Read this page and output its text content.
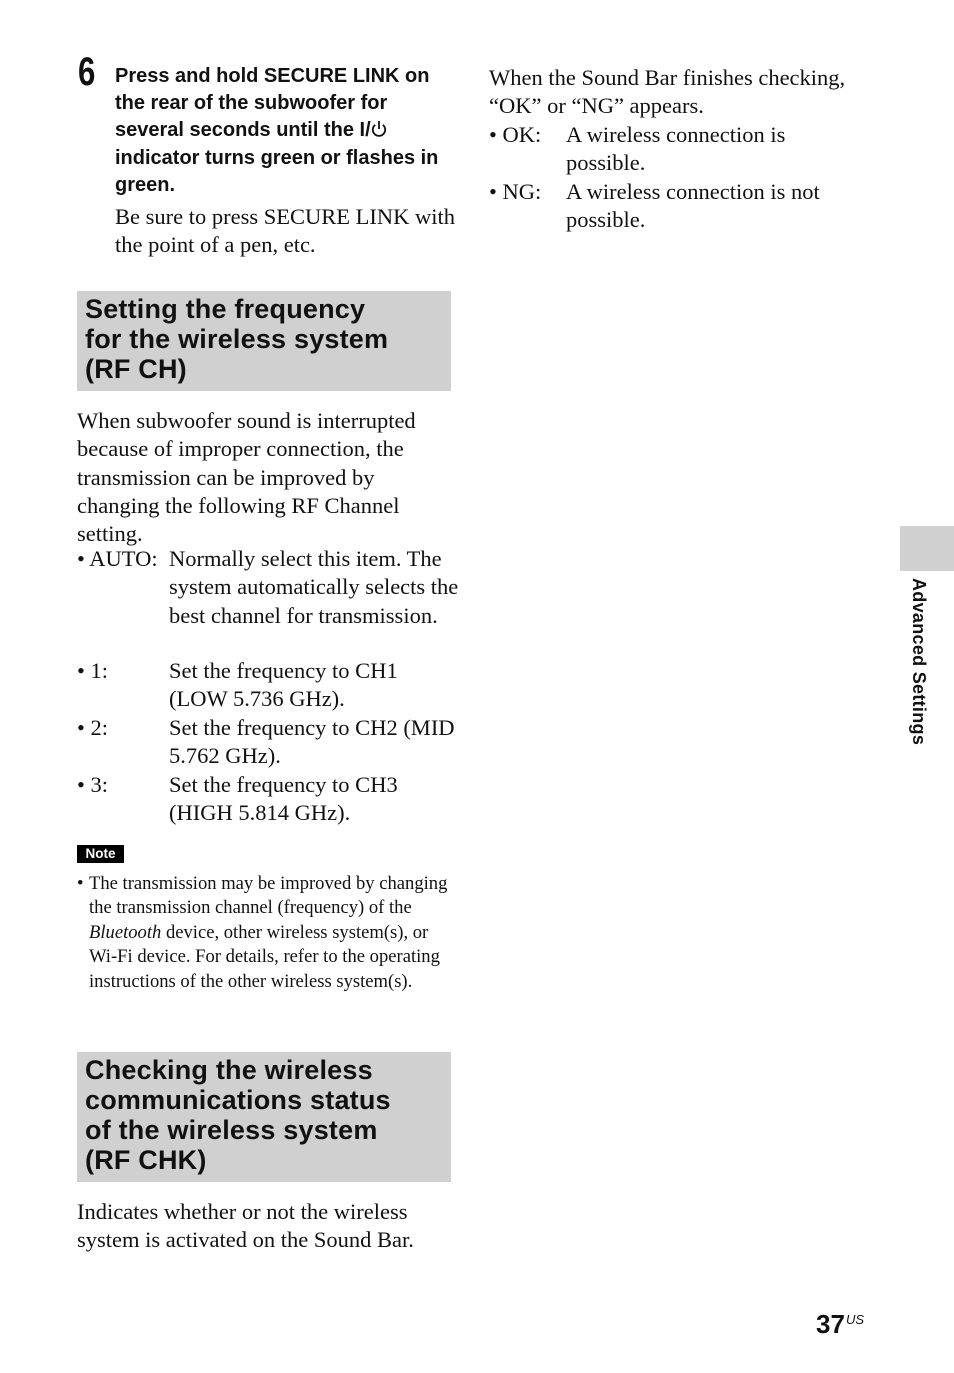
6 Press and hold SECURE LINK on the rear of the subwoofer for several seconds until the I/ indicator turns green or flashes in green.
Be sure to press SECURE LINK with the point of a pen, etc.
Setting the frequency
for the wireless system
(RF CH)
When subwoofer sound is interrupted because of improper connection, the transmission can be improved by changing the following RF Channel setting.
• AUTO: Normally select this item. The system automatically selects the best channel for transmission.
• 1:	Set the frequency to CH1 (LOW 5.736 GHz).
• 2:	Set the frequency to CH2 (MID 5.762 GHz).
• 3:	Set the frequency to CH3 (HIGH 5.814 GHz).
Note
• The transmission may be improved by changing the transmission channel (frequency) of the Bluetooth device, other wireless system(s), or Wi-Fi device. For details, refer to the operating instructions of the other wireless system(s).
Checking the wireless
communications status
of the wireless system
(RF CHK)
Indicates whether or not the wireless system is activated on the Sound Bar.
When the Sound Bar finishes checking, “OK” or “NG” appears.
• OK: A wireless connection is possible.
• NG: A wireless connection is not possible.
Advanced Settings
37 US
